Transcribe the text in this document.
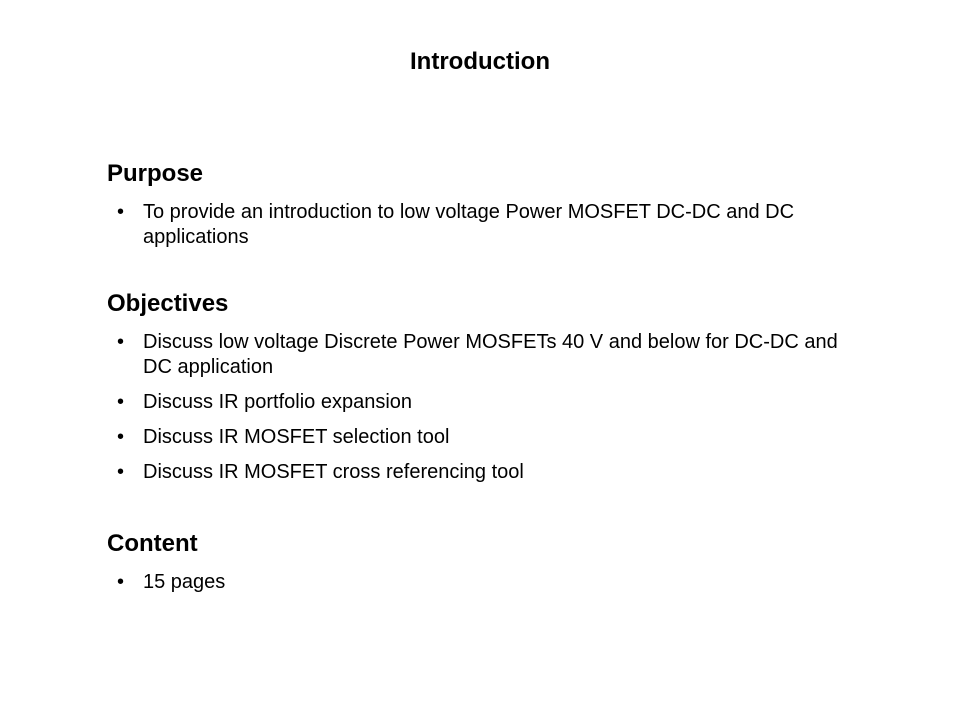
Introduction
Purpose
• To provide an introduction to low voltage Power MOSFET DC-DC and DC applications
Objectives
• Discuss low voltage Discrete Power MOSFETs 40 V and below for DC-DC and DC application
• Discuss IR portfolio expansion
• Discuss IR MOSFET selection tool
• Discuss IR MOSFET cross referencing tool
Content
• 15 pages
